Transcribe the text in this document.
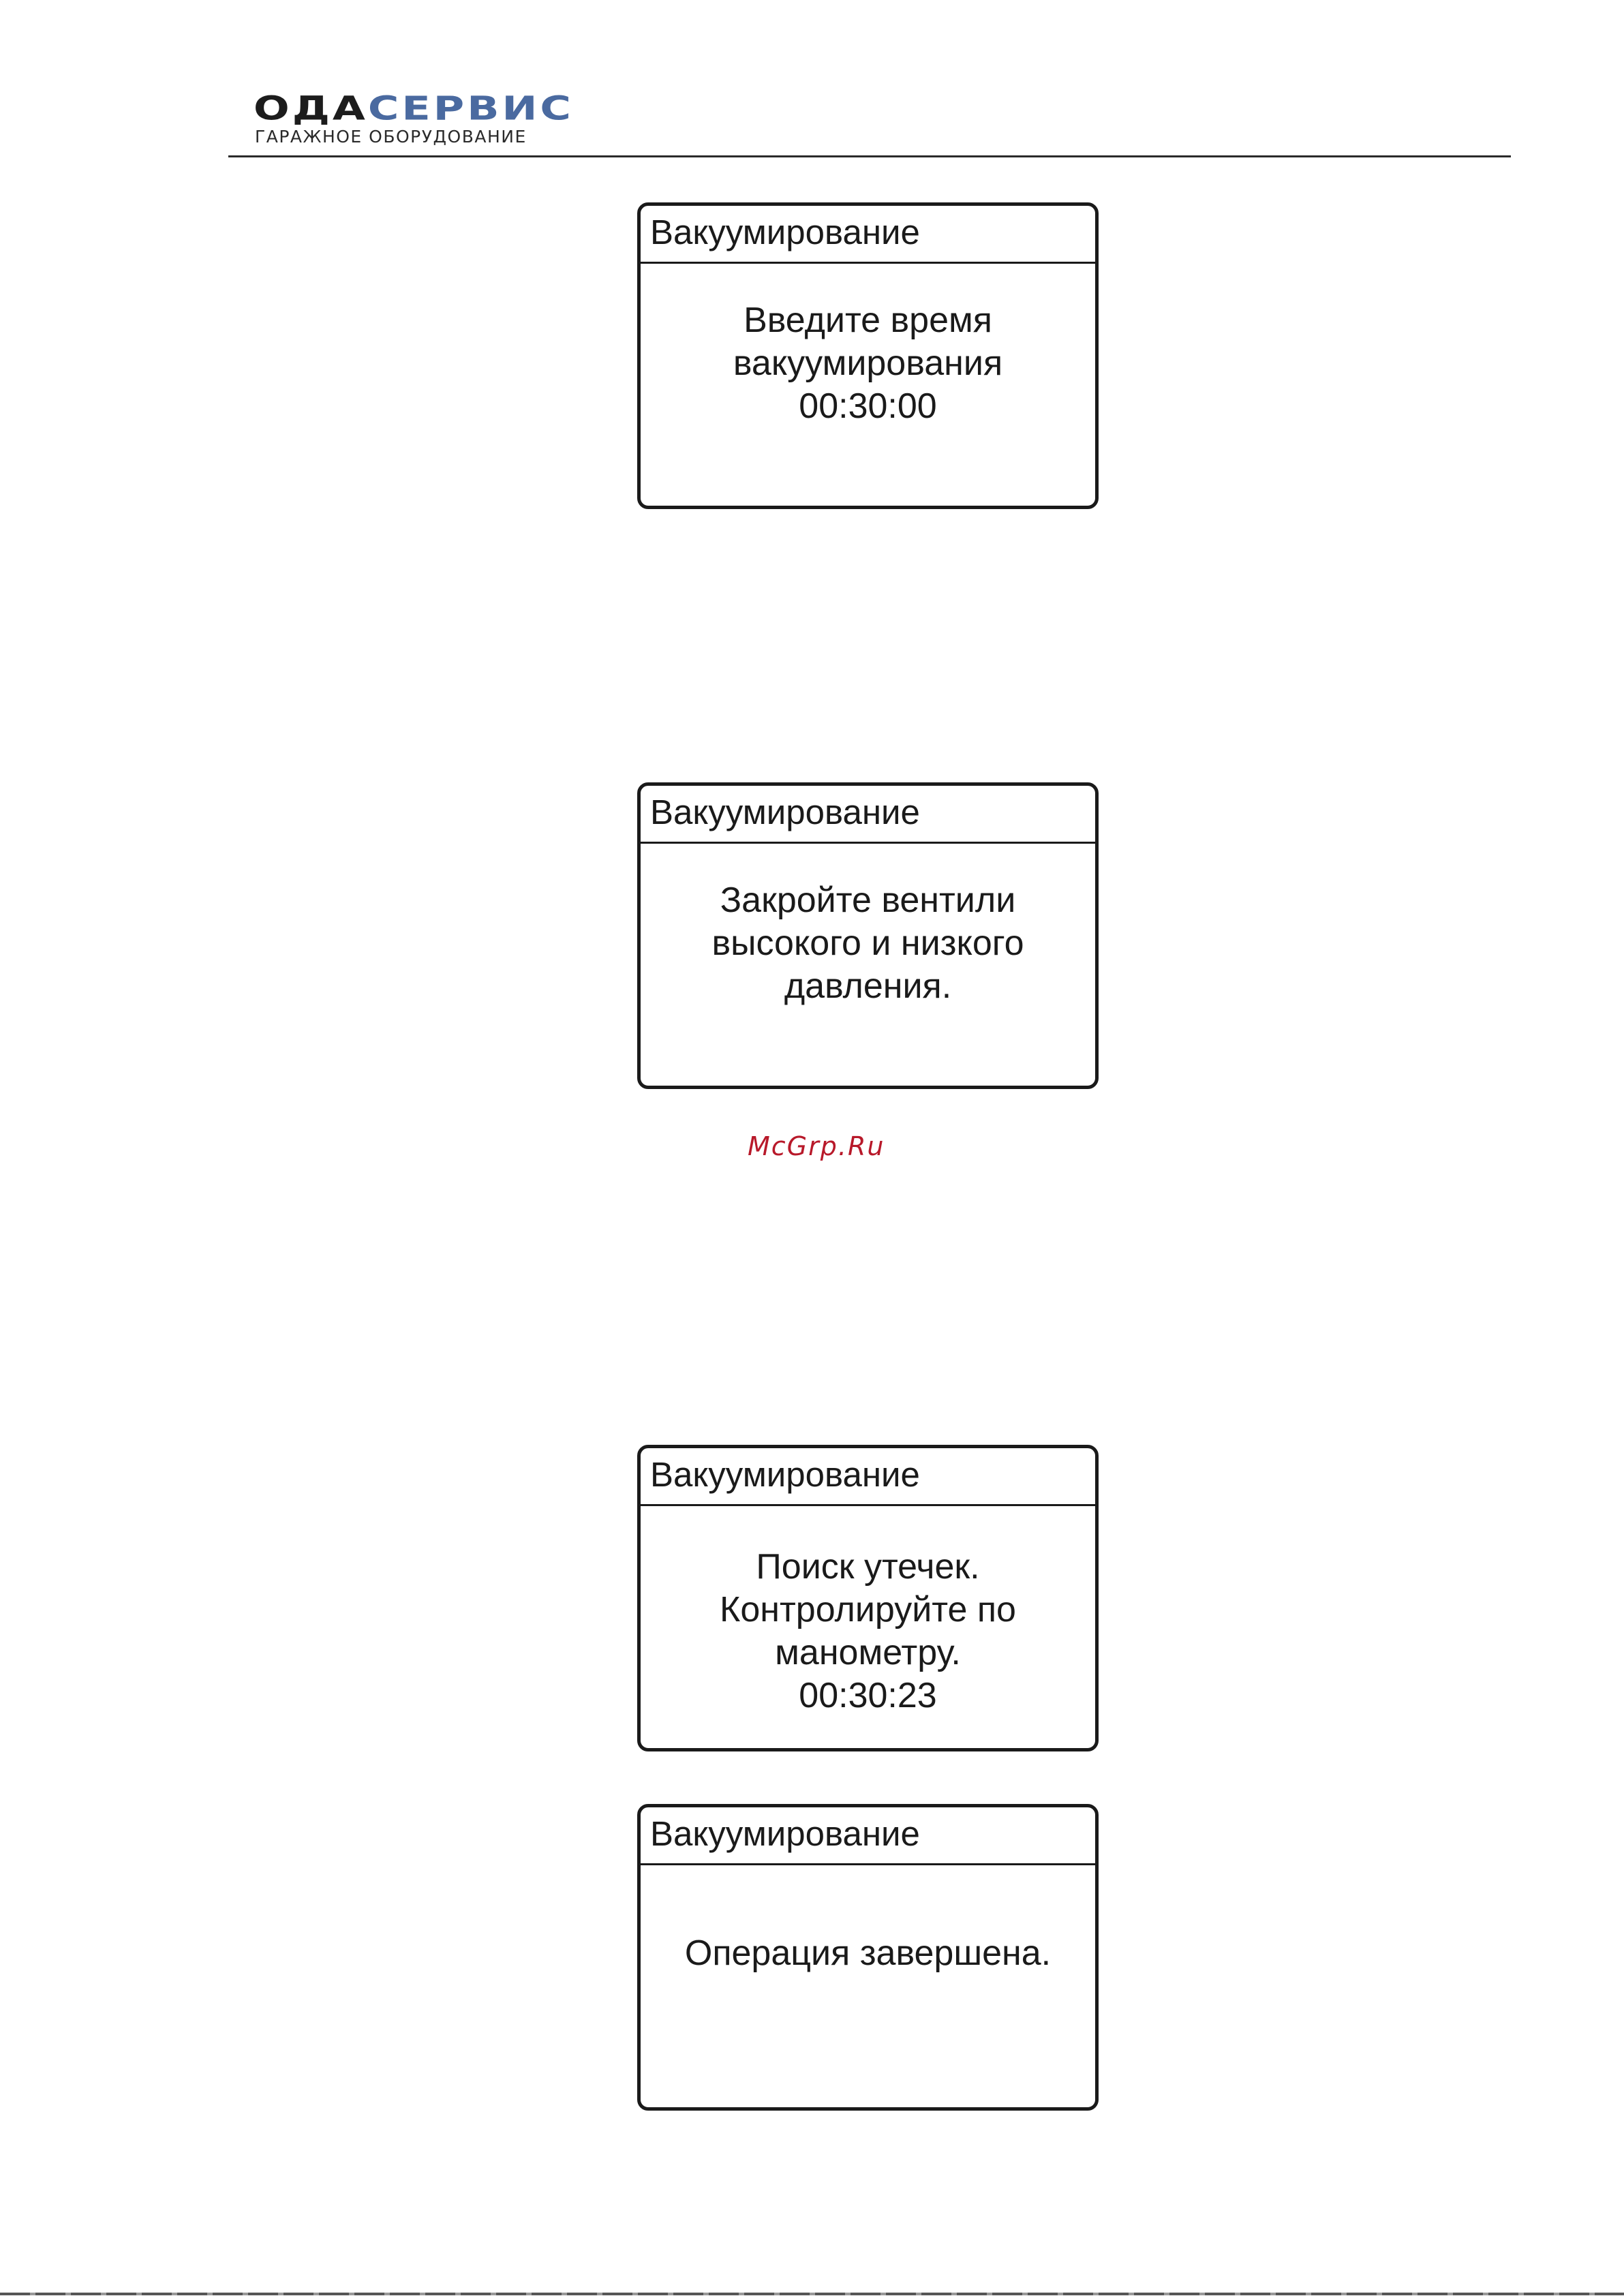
ОДАСЕРВИС
ГАРАЖНОЕ ОБОРУДОВАНИЕ
Вакуумирование
Введите время
вакуумирования
00:30:00
Вакуумирование
Закройте вентили
высокого и низкого
давления.
McGrp.Ru
Вакуумирование
Поиск утечек.
Контролируйте по
манометру.
00:30:23
Вакуумирование
Операция завершена.
